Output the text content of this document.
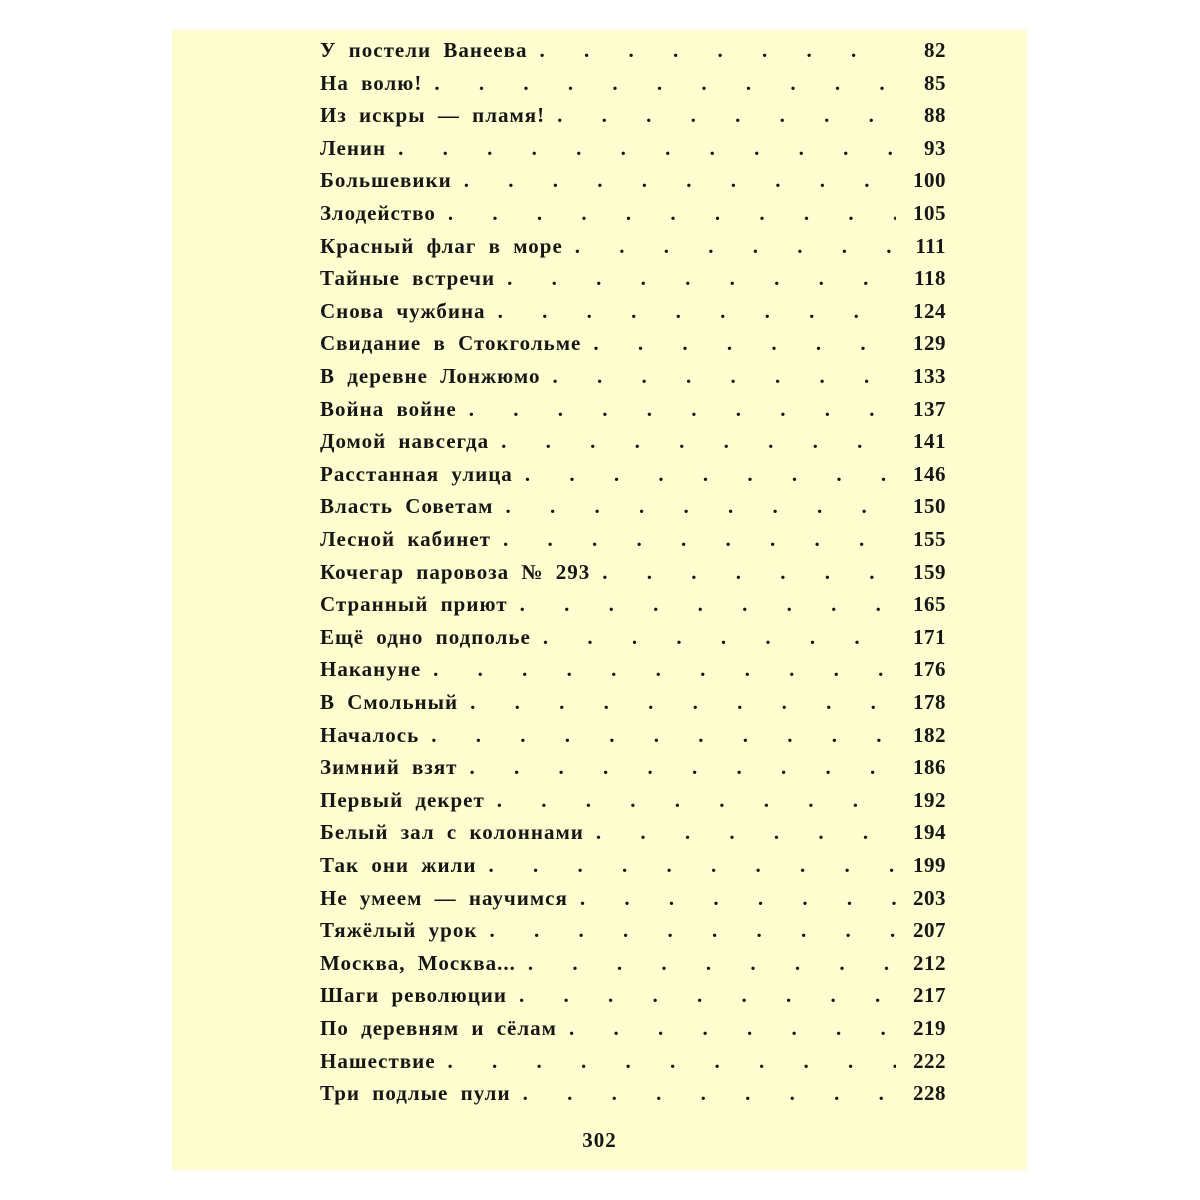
У постели Ванеева . . .	82
На волю! . . .	85
Из искры — пламя! . . .	88
Ленин . . .	93
Большевики . . .	100
Злодейство . . .	105
Красный флаг в море . . .	111
Тайные встречи . . .	118
Снова чужбина . . .	124
Свидание в Стокгольме . . .	129
В деревне Лонжюмо . . .	133
Война войне . . .	137
Домой навсегда . . .	141
Расстанная улица . . .	146
Власть Советам . . .	150
Лесной кабинет . . .	155
Кочегар паровоза № 293 . . .	159
Странный приют . . .	165
Ещё одно подполье . . .	171
Накануне . . .	176
В Смольный . . .	178
Началось . . .	182
Зимний взят . . .	186
Первый декрет . . .	192
Белый зал с колоннами . . .	194
Так они жили . . .	199
Не умеем — научимся . . .	203
Тяжёлый урок . . .	207
Москва, Москва... . . .	212
Шаги революции . . .	217
По деревням и сёлам . . .	219
Нашествие . . .	222
Три подлые пули . . .	228
302
